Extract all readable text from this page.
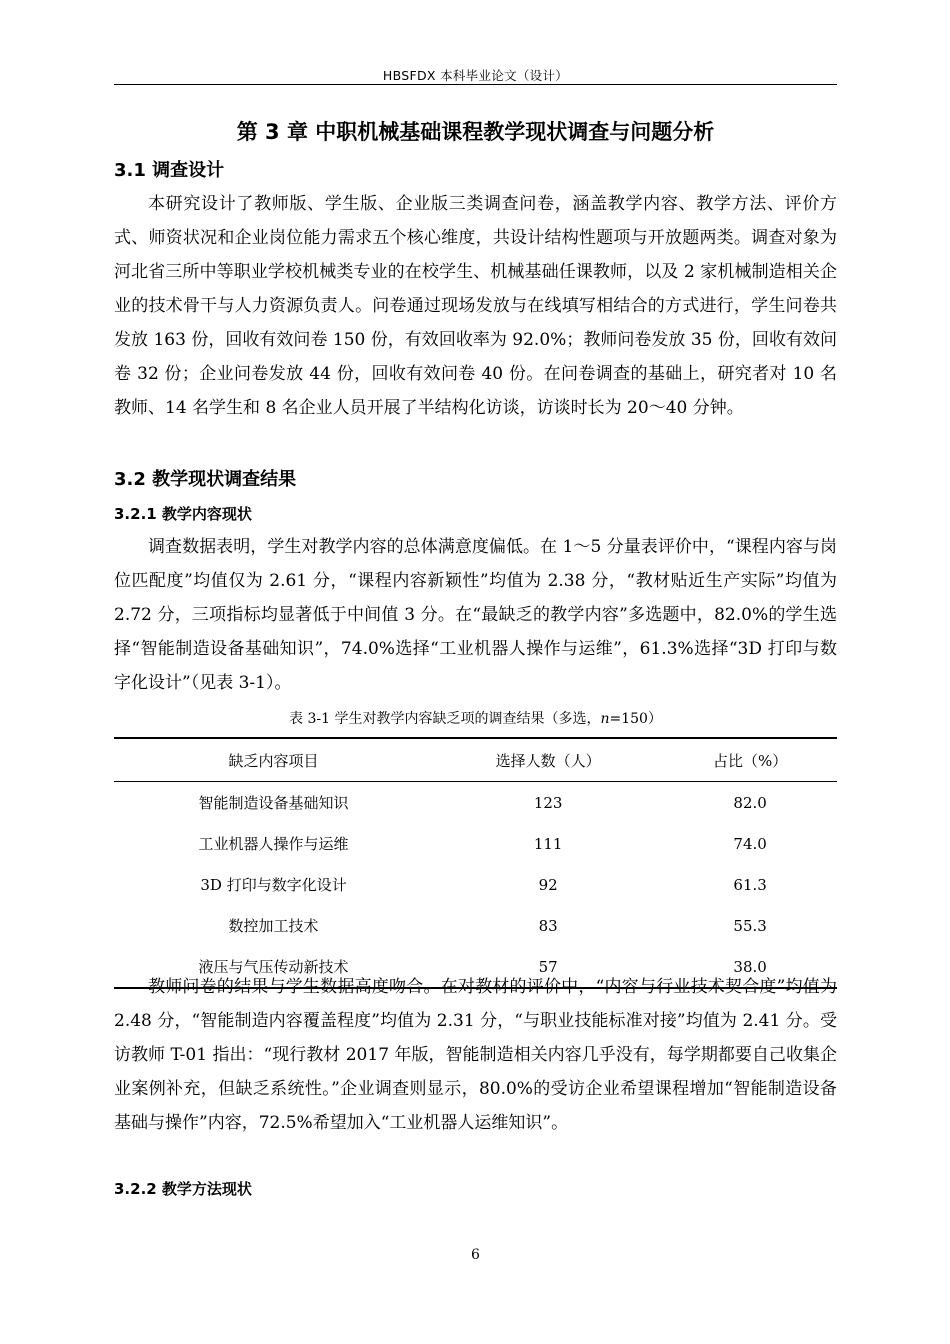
HBSFDX 本科毕业论文（设计）
第 3 章 中职机械基础课程教学现状调查与问题分析
3.1 调查设计

本研究设计了教师版、学生版、企业版三类调查问卷，涵盖教学内容、教学方法、评价方式、师资状况和企业岗位能力需求五个核心维度，共设计结构性题项与开放题两类。调查对象为河北省三所中等职业学校机械类专业的在校学生、机械基础任课教师，以及 2 家机械制造相关企业的技术骨干与人力资源负责人。问卷通过现场发放与在线填写相结合的方式进行，学生问卷共发放 163 份，回收有效问卷 150 份，有效回收率为 92.0%；教师问卷发放 35 份，回收有效问卷 32 份；企业问卷发放 44 份，回收有效问卷 40 份。在问卷调查的基础上，研究者对 10 名教师、14 名学生和 8 名企业人员开展了半结构化访谈，访谈时长为 20～40 分钟。

3.2 教学现状调查结果
3.2.1 教学内容现状

调查数据表明，学生对教学内容的总体满意度偏低。在 1～5 分量表评价中，“课程内容与岗位匹配度”均值仅为 2.61 分，“课程内容新颖性”均值为 2.38 分，“教材贴近生产实际”均值为 2.72 分，三项指标均显著低于中间值 3 分。在“最缺乏的教学内容”多选题中，82.0%的学生选择“智能制造设备基础知识”，74.0%选择“工业机器人操作与运维”，61.3%选择“3D 打印与数字化设计”（见表 3-1）。

表 3-1 学生对教学内容缺乏项的调查结果（多选，n=150）
缺乏内容项目	选择人数（人）	占比（%）
智能制造设备基础知识	123	82.0
工业机器人操作与运维	111	74.0
3D 打印与数字化设计	92	61.3
数控加工技术	83	55.3
液压与气压传动新技术	57	38.0

教师问卷的结果与学生数据高度吻合。在对教材的评价中，“内容与行业技术契合度”均值为 2.48 分，“智能制造内容覆盖程度”均值为 2.31 分，“与职业技能标准对接”均值为 2.41 分。受访教师 T-01 指出：“现行教材 2017 年版，智能制造相关内容几乎没有，每学期都要自己收集企业案例补充，但缺乏系统性。”企业调查则显示，80.0%的受访企业希望课程增加“智能制造设备基础与操作”内容，72.5%希望加入“工业机器人运维知识”。

3.2.2 教学方法现状
6
